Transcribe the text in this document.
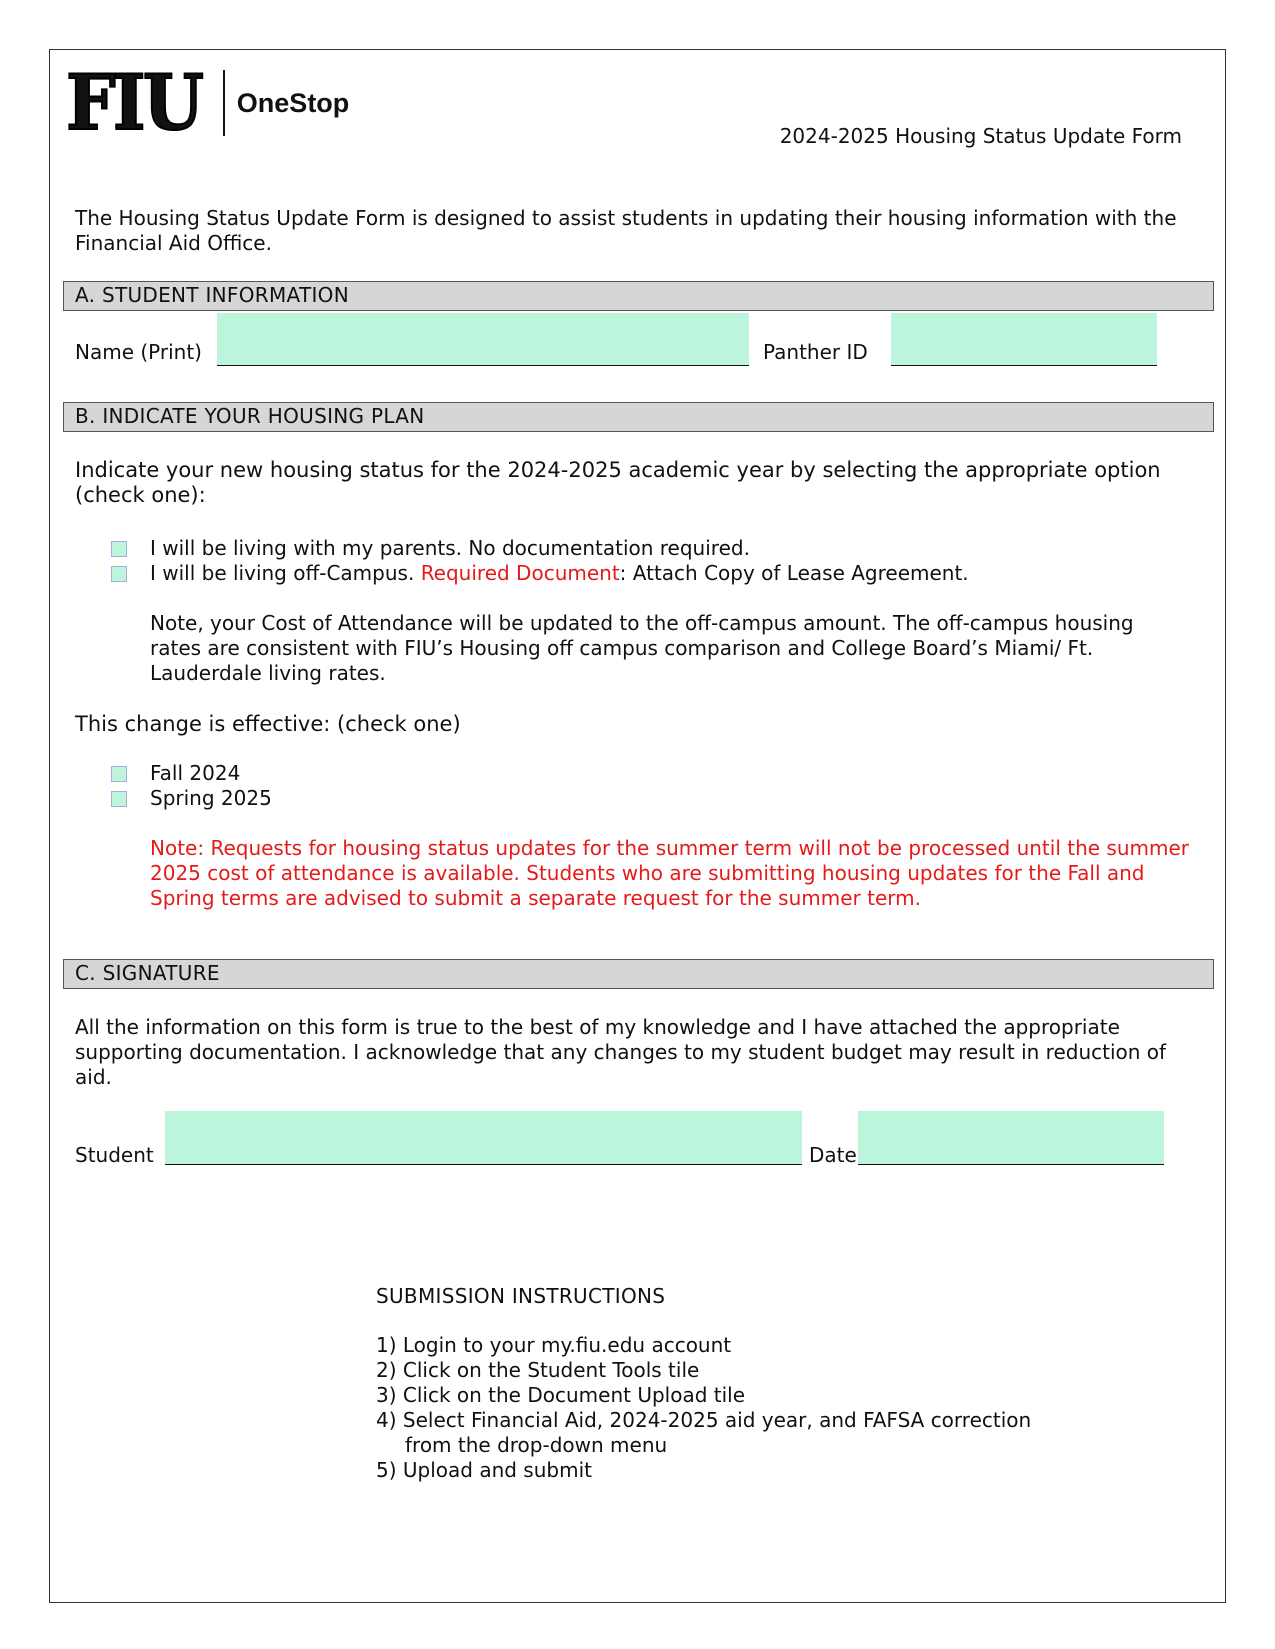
FIU OneStop
2024-2025 Housing Status Update Form
The Housing Status Update Form is designed to assist students in updating their housing information with the Financial Aid Office.
A. STUDENT INFORMATION
Name (Print)	Panther ID
B. INDICATE YOUR HOUSING PLAN
Indicate your new housing status for the 2024-2025 academic year by selecting the appropriate option (check one):
I will be living with my parents. No documentation required.
I will be living off-Campus. Required Document: Attach Copy of Lease Agreement.
Note, your Cost of Attendance will be updated to the off-campus amount. The off-campus housing rates are consistent with FIU’s Housing off campus comparison and College Board’s Miami/ Ft. Lauderdale living rates.
This change is effective: (check one)
Fall 2024
Spring 2025
Note: Requests for housing status updates for the summer term will not be processed until the summer 2025 cost of attendance is available. Students who are submitting housing updates for the Fall and Spring terms are advised to submit a separate request for the summer term.
C. SIGNATURE
All the information on this form is true to the best of my knowledge and I have attached the appropriate supporting documentation. I acknowledge that any changes to my student budget may result in reduction of aid.
Student	Date
SUBMISSION INSTRUCTIONS
1) Login to your my.fiu.edu account
2) Click on the Student Tools tile
3) Click on the Document Upload tile
4) Select Financial Aid, 2024-2025 aid year, and FAFSA correction
from the drop-down menu
5) Upload and submit
